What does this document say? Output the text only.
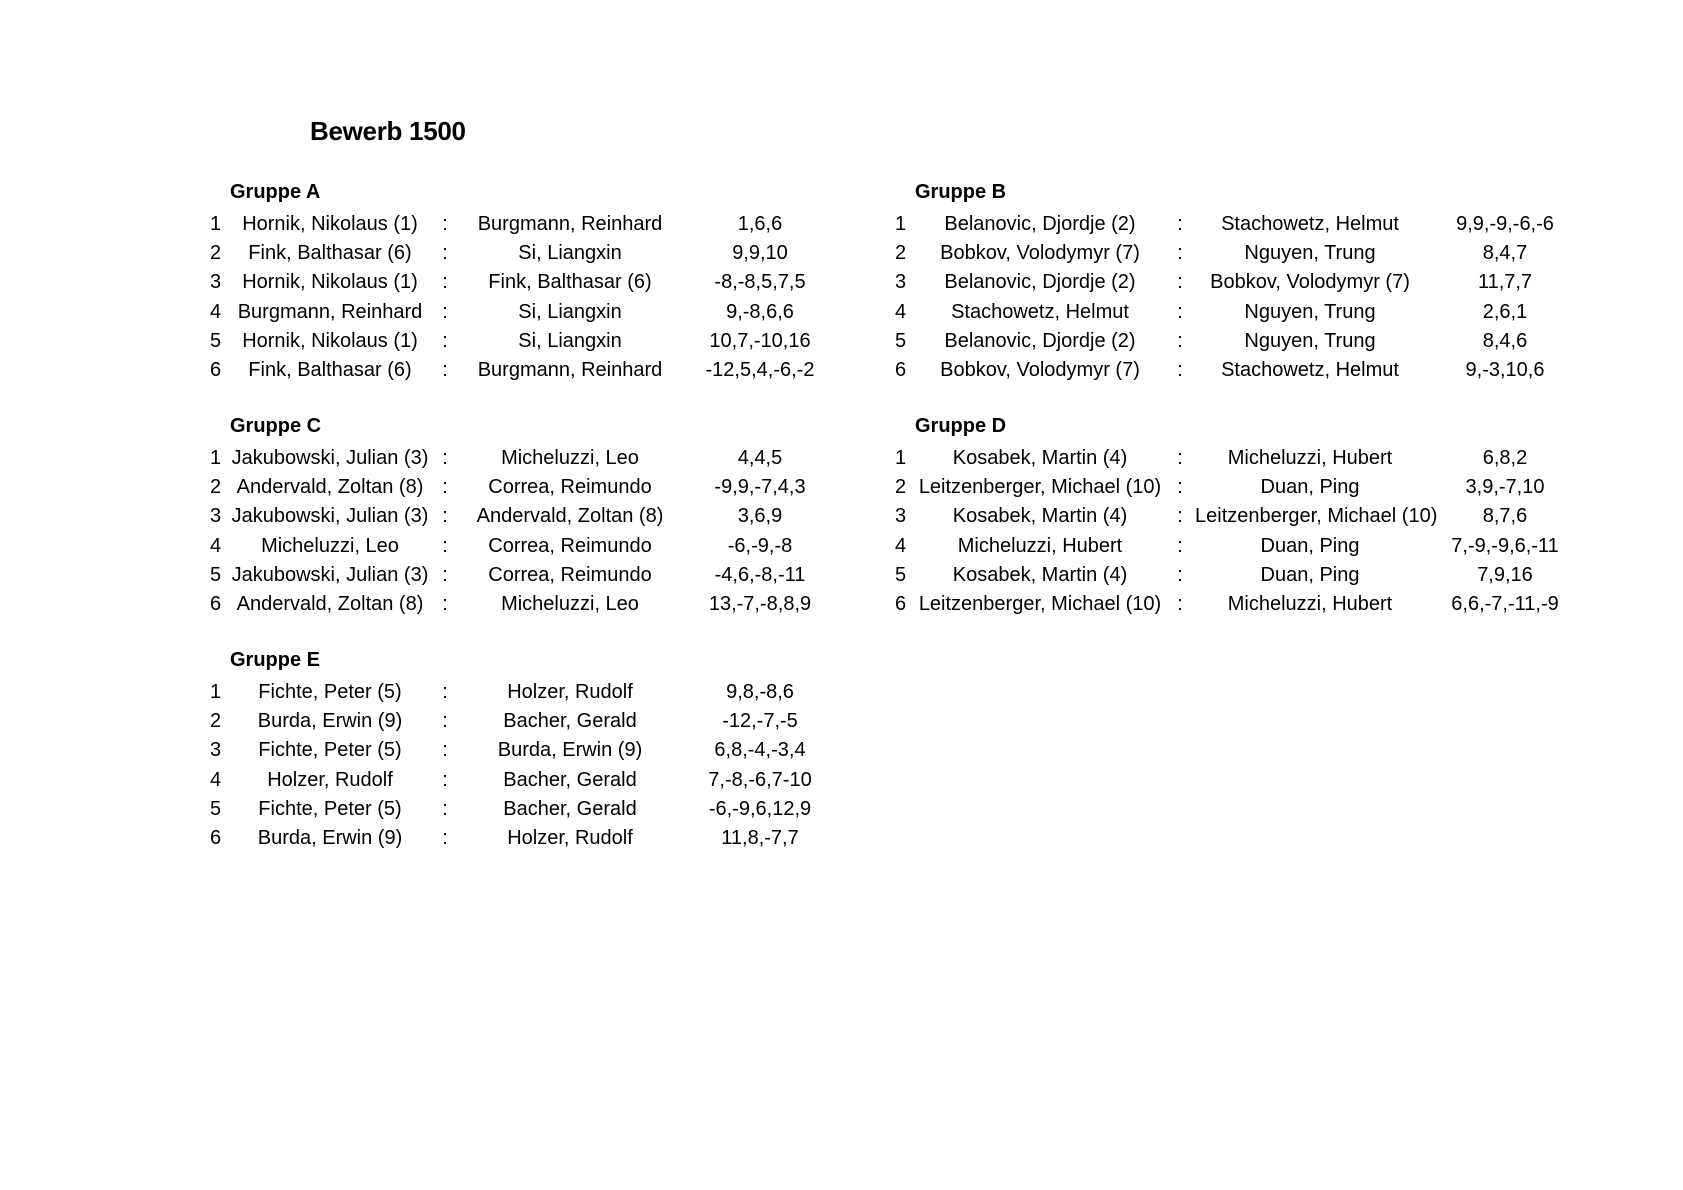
Bewerb 1500
Gruppe A
1	Hornik, Nikolaus (1)	:	Burgmann, Reinhard	1,6,6
2	Fink, Balthasar (6)	:	Si, Liangxin	9,9,10
3	Hornik, Nikolaus (1)	:	Fink, Balthasar (6)	-8,-8,5,7,5
4 Burgmann, Reinhard :	Si, Liangxin	9,-8,6,6
5	Hornik, Nikolaus (1)	:	Si, Liangxin	10,7,-10,16
6	Fink, Balthasar (6)	:	Burgmann, Reinhard	-12,5,4,-6,-2
Gruppe B
1	Belanovic, Djordje (2)	:	Stachowetz, Helmut	9,9,-9,-6,-6
2	Bobkov, Volodymyr (7)	:	Nguyen, Trung	8,4,7
3	Belanovic, Djordje (2)	:	Bobkov, Volodymyr (7)	11,7,7
4	Stachowetz, Helmut	:	Nguyen, Trung	2,6,1
5	Belanovic, Djordje (2)	:	Nguyen, Trung	8,4,6
6	Bobkov, Volodymyr (7)	:	Stachowetz, Helmut	9,-3,10,6
Gruppe C
1 Jakubowski, Julian (3) :	Micheluzzi, Leo	4,4,5
2 Andervald, Zoltan (8) :	Correa, Reimundo	-9,9,-7,4,3
3 Jakubowski, Julian (3) :	Andervald, Zoltan (8)	3,6,9
4	Micheluzzi, Leo	:	Correa, Reimundo	-6,-9,-8
5 Jakubowski, Julian (3) :	Correa, Reimundo	-4,6,-8,-11
6 Andervald, Zoltan (8) :	Micheluzzi, Leo	13,-7,-8,8,9
Gruppe D
1	Kosabek, Martin (4)	:	Micheluzzi, Hubert	6,8,2
2 Leitzenberger, Michael (10) :	Duan, Ping	3,9,-7,10
3	Kosabek, Martin (4)	: Leitzenberger, Michael (10)	8,7,6
4	Micheluzzi, Hubert	:	Duan, Ping	7,-9,-9,6,-11
5	Kosabek, Martin (4)	:	Duan, Ping	7,9,16
6 Leitzenberger, Michael (10) :	Micheluzzi, Hubert	6,6,-7,-11,-9
Gruppe E
1	Fichte, Peter (5)	:	Holzer, Rudolf	9,8,-8,6
2	Burda, Erwin (9)	:	Bacher, Gerald	-12,-7,-5
3	Fichte, Peter (5)	:	Burda, Erwin (9)	6,8,-4,-3,4
4	Holzer, Rudolf	:	Bacher, Gerald	7,-8,-6,7-10
5	Fichte, Peter (5)	:	Bacher, Gerald	-6,-9,6,12,9
6	Burda, Erwin (9)	:	Holzer, Rudolf	11,8,-7,7
